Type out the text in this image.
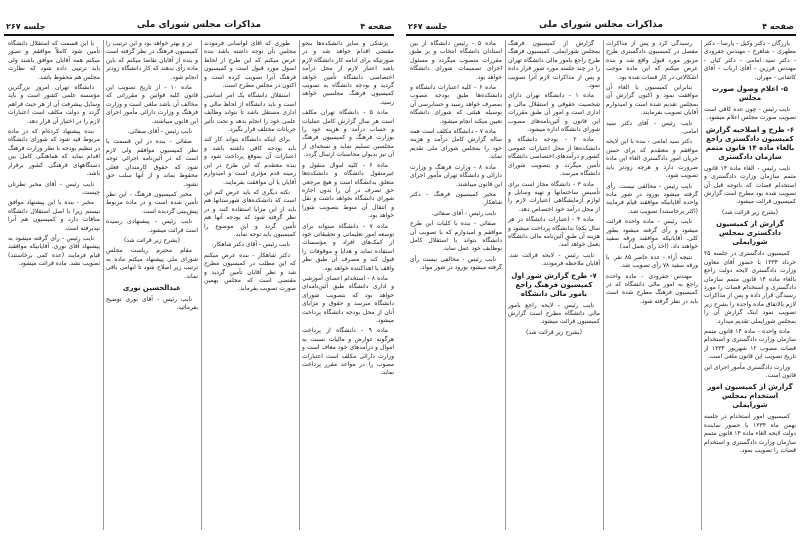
صفحه ۴
مذاکرات مجلس شورای ملی
جلسه ۲۶۷

پزشکی و سایر دانشکده‌ها بنحو مقتضی اقدام خواهد شد و در صورتیکه برای ادامه کار دانشگاه لازم باشد اعتبار لازم از محل درآمد اختصاصی دانشگاه تأمین خواهد گردید و بودجه دانشگاه به تصویب کمیسیون فرهنگ مجلسین خواهد رسید.

ماده ۵ - دانشگاه تهران مکلف است هر سال گزارش کامل عملیات و حساب درآمد و هزینه خود را بوزارت فرهنگ و کمیسیون فرهنگ مجلسین تسلیم نماید و نسخه‌ای از آن نیز بدیوان محاسبات ارسال گردد.

ماده ۶ - کلیه اموال منقول و غیرمنقول دانشگاه و دانشکده‌ها متعلق بدانشگاه است و هیچ مرجعی حق تصرف در آن را بدون اجازه شورای دانشگاه نخواهد داشت و نقل و انتقال آن منوط بتصویب شورا خواهد بود.

ماده ۷ - دانشگاه میتواند برای توسعه امور تعلیماتی و تحقیقاتی خود از کمک‌های افراد و مؤسسات استفاده نماید و هدایا و موقوفات را قبول کند و مصرف آن طبق نظر واقف یا اهداکننده خواهد بود.

ماده ۸ - استخدام اعضای آموزشی و اداری دانشگاه طبق آئین‌نامه‌ای خواهد بود که بتصویب شورای دانشگاه میرسد و حقوق و مزایای آنان از محل بودجه دانشگاه پرداخت میشود.

ماده ۹ - دانشگاه از پرداخت هرگونه عوارض و مالیات نسبت به اموال و درآمدهای خود معاف است و وزارت دارائی مکلف است اعتبارات مصوب را در مواعد مقرر پرداخت نماید.

طوری که آقای لواسانی فرمودند مجلس بآن توجه داشته باشد بنده عرض میکنم که این طرح از لحاظ اصول مورد قبول است و کمیسیون فرهنگ آنرا تصویب کرده است و اکنون در مجلس مطرح است.

استقلال دانشگاه یک امر اساسی است و باید دانشگاه از لحاظ مالی و اداری مستقل باشد تا بتواند وظایف علمی خود را انجام بدهد و تحت تأثیر جریانات مختلف قرار نگیرد.

برای اینکه دانشگاه بتواند کار کند باید بودجه کافی داشته باشد و اعتبارات آن بموقع پرداخت شود و بنده معتقدم که این طرح در این زمینه قدم مؤثری است و امیدوارم آقایان با آن موافقت بفرمایند.

نکته دیگری که باید عرض کنم این است که دانشکده‌های شهرستانها هم باید از این مزایا استفاده کنند و در نظر گرفته شود که بودجه آنها هم تأمین گردد و این موضوع را کمیسیون باید توجه نماید.

نایب رئیس - آقای دکتر شاهکار.

دکتر شاهکار - بنده عرض میکنم که این مطلب در کمیسیون مطرح شد و نظر آقایان تأمین گردید و مقتضی است که مجلس بهمین صورت تصویب بفرماید.

تر و بهتر خواهد بود و این ترتیب را کمیسیون فرهنگ در نظر گرفته است و بنده از آقایان تقاضا میکنم که باین ماده رأی بدهند که کار دانشگاه زودتر انجام شود.

ماده ۱۰ - از تاریخ تصویب این قانون کلیه قوانین و مقرراتی که مخالف آن باشد ملغی است و وزارت فرهنگ و وزارت دارائی مأمور اجرای این قانون میباشند.

نایب رئیس - آقای صفائی.

صفائی - بنده در این قسمت با نظر کمیسیون موافقم ولی لازم است که در آئین‌نامه اجرائی توجه شود که حقوق کارمندان فعلی محفوظ بماند و از آنها سلب حق نشود.

مخبر کمیسیون فرهنگ - این نظر تأمین شده است و در ماده مربوط پیش‌بینی گردیده است.

نایب رئیس - پیشنهادی رسیده است قرائت میشود.

(بشرح زیر قرائت شد)

مقام محترم ریاست مجلس شورای ملی پیشنهاد میکنم ماده به ترتیب زیر اصلاح شود تا ابهامی باقی نماند.

عبدالحسین نوری

نایب رئیس - آقای نوری توضیح بفرمائید.

با این قسمت که استقلال دانشگاه تأمین شود کاملاً موافقم و تصور میکنم همه آقایان موافق باشند ولی باید ترتیبی داده شود که نظارت مجلس هم محفوظ باشد.

دانشگاه تهران امروز بزرگترین مؤسسه علمی کشور است و باید وسایل پیشرفت آن از هر حیث فراهم گردد و دولت مکلف است اعتبارات لازم را در اختیار آن قرار دهد.

بنده پیشنهاد کرده‌ام که در ماده مربوط قید شود که شورای دانشگاه در تنظیم بودجه با نظر وزارت فرهنگ اقدام نماید که هماهنگی کامل بین دستگاههای فرهنگی کشور برقرار باشد.

نایب رئیس - آقای مخبر نظرتان چیست.

مخبر - بنده با این پیشنهاد موافق نیستم زیرا با اصل استقلال دانشگاه منافات دارد و کمیسیون هم آنرا نپذیرفته است.

نایب رئیس - رأی گرفته میشود به پیشنهاد آقای نوری. آقایانیکه موافقند قیام فرمایند (عده کمی برخاستند) تصویب نشد. ماده قرائت میشود.

صفحه ۴
مذاکرات مجلس شورای ملی
جلسه ۲۶۷

بازرگان - دکتر وکیل - پارسا - دکتر مطهری - شاهرخ - مهندس جفرودی - دکتر سید امامی - دکتر کیان - مهندس فرزین - آقای ارباب - آقای کاشانی - مهران.

۵- اعلام وصول صورت مجلس

نایب رئیس - چون عده کافی است تصویب صورت مجلس اعلام میشود.

۶- طرح و اصلاحیه گزارش کمیسیون دادگستری راجع بالغاء ماده ۱۴ قانون متمم سازمان دادگستری

نایب رئیس - الغاء ماده ۱۴ قانون متمم سازمان وزارت دادگستری و استخدام قضات که باتوجه قبل آن تصویب شده بود مطرح است گزارش کمیسیون قرائت میشود.

(بشرح زیر قرائت شد)

گزارش از کمیسیون دادگستری بمجلس شورایملی

کمیسیون دادگستری در جلسه ۲۵ خرداد ۱۳۳۴ با حضور آقای معاون وزارت دادگستری لایحه دولت راجع بالغاء ماده ۱۴ قانون متمم سازمان دادگستری و استخدام قضات را مورد رسیدگی قرار داده و پس از مذاکرات لازم بالاتفاق ماده واحده را بشرح زیر تصویب نمود اینک گزارش آن را بمجلس شورایملی تقدیم میدارد.

ماده واحده - ماده ۱۴ قانون متمم سازمان وزارت دادگستری و استخدام قضات مصوب ۱۲ شهریور ۱۳۳۴ از تاریخ تصویب این قانون ملغی است.

وزارت دادگستری مأمور اجرای این قانون است.

گزارش از کمیسیون امور استخدام بمجلس شورایملی

کمیسیون امور استخدام در جلسه بهمن ماه ۱۳۳۴ با حضور نماینده دولت لایحه الغاء ماده ۱۴ قانون متمم سازمان وزارت دادگستری و استخدام قضات را تصویب نمود.

رسیدگی کرد و پس از مذاکرات مفصل در کمیسیون دادگستری طرح مزبور مورد قبول واقع شد و بنده عرض میکنم که این ماده موجب اشکالاتی در کار قضات شده بود.

بنابراین کمیسیون با الغاء آن موافقت نمود و اکنون گزارش آن بمجلس تقدیم شده است و امیدوارم آقایان تصویب بفرمایند.

نایب رئیس - آقای دکتر سید امامی.

دکتر سید امامی - بنده با این لایحه موافقم و معتقدم که برای حسن جریان امور دادگستری الغاء این ماده ضرورت دارد و هرچه زودتر باید تصویب شود.

نایب رئیس - مخالفی نیست. رأی گرفته میشود بورود در شور ماده واحده آقایانیکه موافقند قیام فرمایند (اکثر برخاستند) تصویب شد.

نایب رئیس - ماده واحده قرائت میشود و رأی گرفته میشود بطور کلی. آقایانیکه موافقند ورقه سفید خواهند داد. (اخذ رأی بعمل آمد).

نتیجه آراء - عده حاضر ۸۵ نفر. با ورقه سفید ۷۸ رأی تصویب شد.

مهندس جفرودی - ماده واحده راجع به امور مالی دانشگاه که در کمیسیون فرهنگ مطرح شده است باید در نظر گرفته شود.

گزارش از کمیسیون فرهنگ بمجلس شورایملی. کمیسیون فرهنگ طرح راجع بامور مالی دانشگاه تهران را در چند جلسه مورد شور قرار داده و پس از مذاکرات لازم آنرا تصویب نمود.

ماده ۱ - دانشگاه تهران دارای شخصیت حقوقی و استقلال مالی و اداری است و امور آن طبق مقررات این قانون و آئین‌نامه‌های مصوب شورای دانشگاه اداره میشود.

ماده ۲ - بودجه دانشگاه و دانشکده‌ها از محل اعتبارات عمومی کشور و درآمدهای اختصاصی دانشگاه تأمین میگردد و بتصویب شورای دانشگاه میرسد.

ماده ۳ - دانشگاه مجاز است برای تأسیس ساختمانها و تهیه وسایل و لوازم آزمایشگاهی اعتبارات لازم را از محل درآمد خود اختصاص دهد.

ماده ۴ - اعتبارات دانشگاه در هر سال یکجا بدانشگاه پرداخت میشود و هزینه آن طبق آئین‌نامه مالی دانشگاه بعمل خواهد آمد.

نایب رئیس - لایحه قرائت شد. آقایان ملاحظه فرمودند.

۷- طرح گزارش شور اول کمیسیون فرهنگ راجع بامور مالی دانشگاه

نایب رئیس - لایحه راجع بامور مالی دانشگاه مطرح است گزارش کمیسیون قرائت میشود.

(بشرح زیر قرائت شد)

ماده ۵ - رئیس دانشگاه از بین استادان دانشگاه انتخاب و بر طبق مقررات منصوب میگردد و مسئول اجرای تصمیمات شورای دانشگاه خواهد بود.

ماده ۶ - کلیه اعتبارات دانشگاه و دانشکده‌ها طبق بودجه مصوب بمصرف خواهد رسید و حسابرسی آن بوسیله هیئتی که شورای دانشگاه تعیین میکند انجام میشود.

ماده ۷ - دانشگاه مکلف است همه ساله گزارش کامل درآمد و هزینه خود را بمجلس شورای ملی تقدیم نماید.

ماده ۸ - وزارت فرهنگ و وزارت دارائی و دانشگاه تهران مأمور اجرای این قانون میباشند.

مخبر کمیسیون فرهنگ - دکتر شاهکار.

نایب رئیس - آقای صفائی.

صفائی - بنده با کلیات این طرح موافقم و امیدوارم که با تصویب آن دانشگاه بتواند با استقلال کامل بوظایف خود عمل نماید.

نایب رئیس - مخالفی نیست رأی گرفته میشود بورود در شور مواد.
